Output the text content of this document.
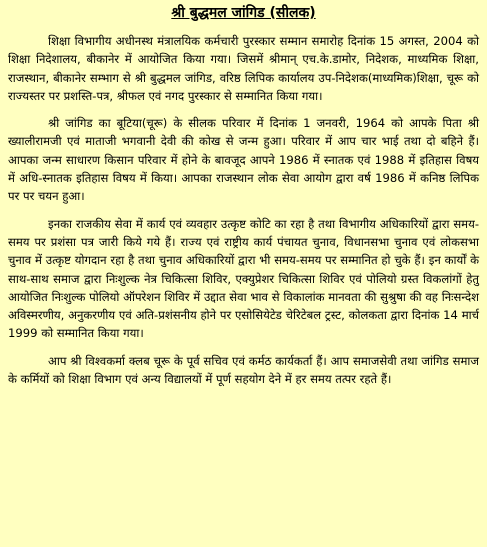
श्री बुद्धमल जांगिड (सीलक)

शिक्षा विभागीय अधीनस्थ मंत्रालयिक कर्मचारी पुरस्कार सम्मान समारोह दिनांक 15 अगस्त, 2004 को शिक्षा निदेशालय, बीकानेर में आयोजित किया गया। जिसमें श्रीमान् एच.के.डामोर, निदेशक, माध्यमिक शिक्षा, राजस्थान, बीकानेर सम्भाग से श्री बुद्धमल जांगिड, वरिष्ठ लिपिक कार्यालय उप-निदेशक(माध्यमिक)शिक्षा, चूरू को राज्यस्तर पर प्रशस्ति-पत्र, श्रीफल एवं नगद पुरस्कार से सम्मानित किया गया।

श्री जांगिड का बूटिया(चूरू) के सीलक परिवार में दिनांक 1 जनवरी, 1964 को आपके पिता श्री ख्यालीरामजी एवं माताजी भगवानी देवी की कोख से जन्म हुआ। परिवार में आप चार भाई तथा दो बहिने हैं। आपका जन्म साधारण किसान परिवार में होने के बावजूद आपने 1986 में स्नातक एवं 1988 में इतिहास विषय में अधि-स्नातक इतिहास विषय में किया। आपका राजस्थान लोक सेवा आयोग द्वारा वर्ष 1986 में कनिष्ठ लिपिक पर पर चयन हुआ।

इनका राजकीय सेवा में कार्य एवं व्यवहार उत्कृष्ट कोटि का रहा है तथा विभागीय अधिकारियों द्वारा समय-समय पर प्रशंसा पत्र जारी किये गये हैं। राज्य एवं राष्ट्रीय कार्य पंचायत चुनाव, विधानसभा चुनाव एवं लोकसभा चुनाव में उत्कृष्ट योगदान रहा है तथा चुनाव अधिकारियों द्वारा भी समय-समय पर सम्मानित हो चुके हैं। इन कार्यों के साथ-साथ समाज द्वारा निःशुल्क नेत्र चिकित्सा शिविर, एक्युप्रेशर चिकित्सा शिविर एवं पोलियो ग्रस्त विकलांगों हेतु आयोजित निःशुल्क पोलियो ऑपरेशन शिविर में उद्दात सेवा भाव से विकालांक मानवता की सुश्रुषा की वह निःसन्देश अविस्मरणीय, अनुकरणीय एवं अति-प्रशंसनीय होने पर एसोसियेटेड चेरिटेबल ट्रस्ट, कोलकता द्वारा दिनांक 14 मार्च 1999 को सम्मानित किया गया।

आप श्री विश्वकर्मा क्लब चूरू के पूर्व सचिव एवं कर्मठ कार्यकर्ता हैं। आप समाजसेवी तथा जांगिड समाज के कर्मियों को शिक्षा विभाग एवं अन्य विद्यालयों में पूर्ण सहयोग देने में हर समय तत्पर रहते हैं।
